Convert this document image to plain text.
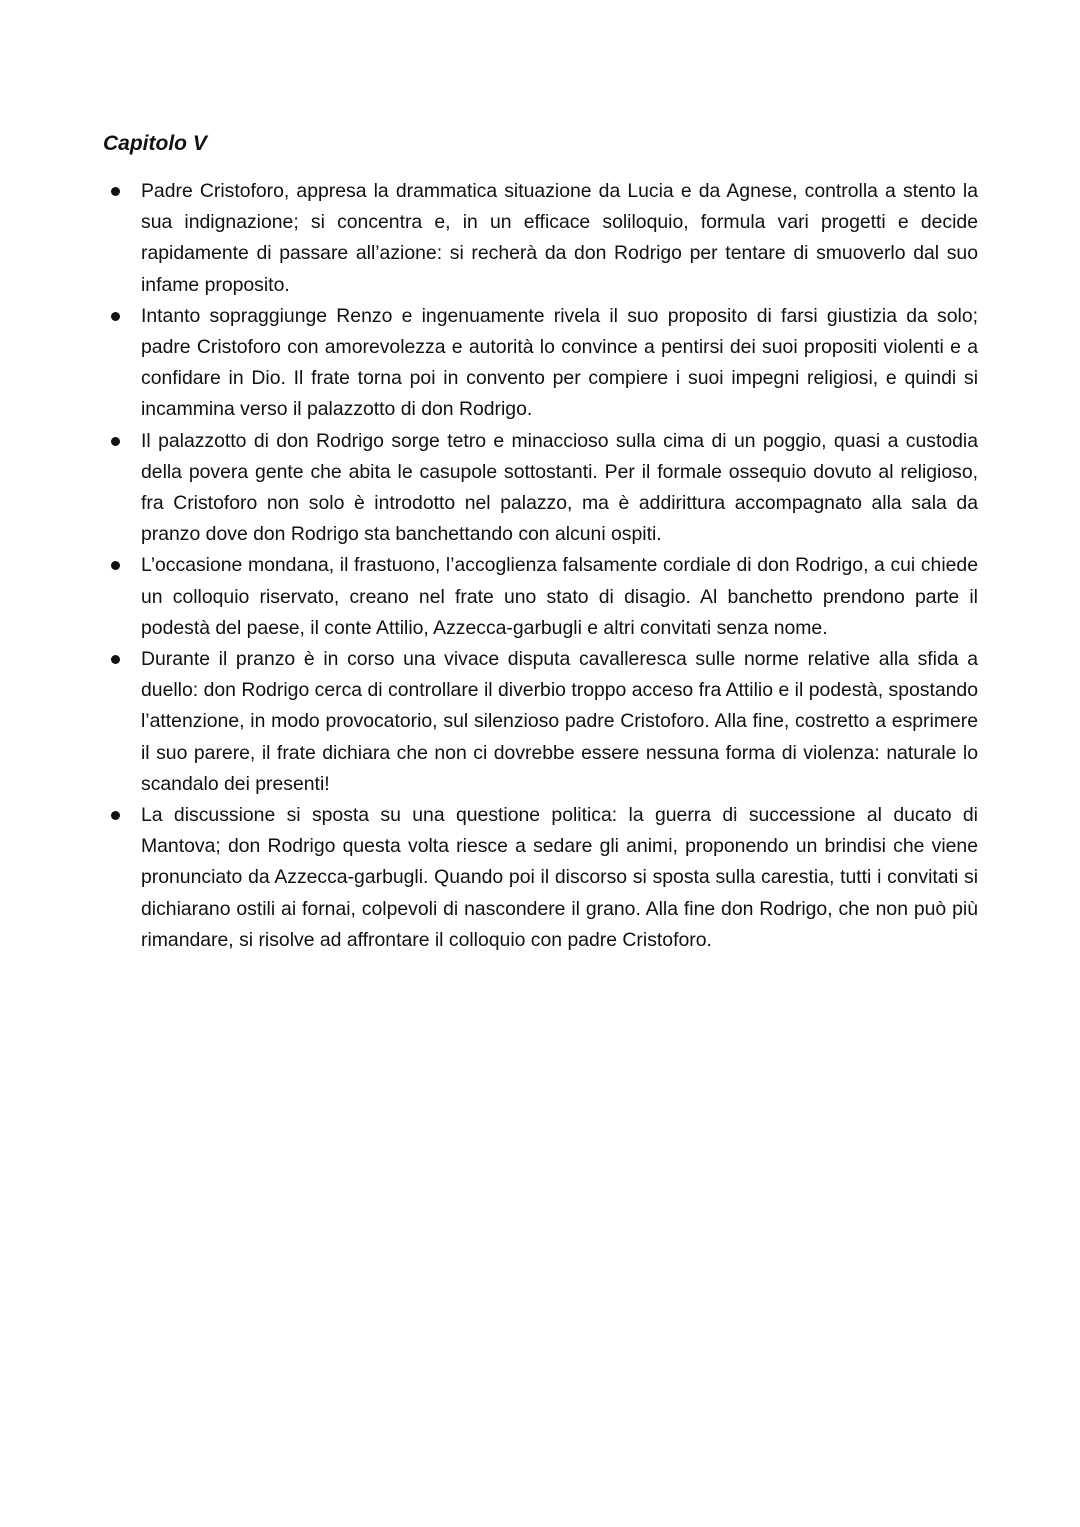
Capitolo V
Padre Cristoforo, appresa la drammatica situazione da Lucia e da Agnese, controlla a stento la sua indignazione; si concentra e, in un efficace soliloquio, formula vari progetti e decide rapidamente di passare all’azione: si recherà da don Rodrigo per tentare di smuoverlo dal suo infame proposito.
Intanto sopraggiunge Renzo e ingenuamente rivela il suo proposito di farsi giustizia da solo; padre Cristoforo con amorevolezza e autorità lo convince a pentirsi dei suoi propositi violenti e a confidare in Dio. Il frate torna poi in convento per compiere i suoi impegni religiosi, e quindi si incammina verso il palazzotto di don Rodrigo.
Il palazzotto di don Rodrigo sorge tetro e minaccioso sulla cima di un poggio, quasi a custodia della povera gente che abita le casupole sottostanti. Per il formale ossequio dovuto al religioso, fra Cristoforo non solo è introdotto nel palazzo, ma è addirittura accompagnato alla sala da pranzo dove don Rodrigo sta banchettando con alcuni ospiti.
L’occasione mondana, il frastuono, l’accoglienza falsamente cordiale di don Rodrigo, a cui chiede un colloquio riservato, creano nel frate uno stato di disagio. Al banchetto prendono parte il podestà del paese, il conte Attilio, Azzecca-garbugli e altri convitati senza nome.
Durante il pranzo è in corso una vivace disputa cavalleresca sulle norme relative alla sfida a duello: don Rodrigo cerca di controllare il diverbio troppo acceso fra Attilio e il podestà, spostando l’attenzione, in modo provocatorio, sul silenzioso padre Cristoforo. Alla fine, costretto a esprimere il suo parere, il frate dichiara che non ci dovrebbe essere nessuna forma di violenza: naturale lo scandalo dei presenti!
La discussione si sposta su una questione politica: la guerra di successione al ducato di Mantova; don Rodrigo questa volta riesce a sedare gli animi, proponendo un brindisi che viene pronunciato da Azzecca-garbugli. Quando poi il discorso si sposta sulla carestia, tutti i convitati si dichiarano ostili ai fornai, colpevoli di nascondere il grano. Alla fine don Rodrigo, che non può più rimandare, si risolve ad affrontare il colloquio con padre Cristoforo.
